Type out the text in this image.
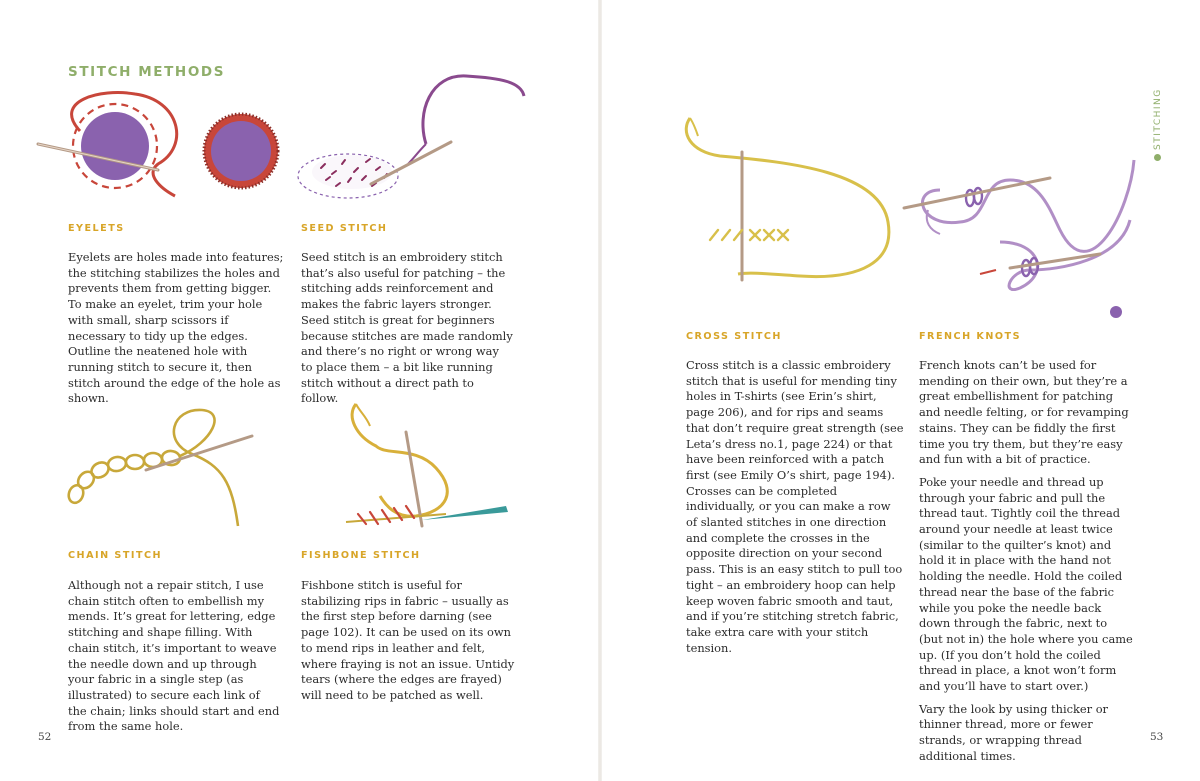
STITCH METHODS
EYELETS

Eyelets are holes made into features; the stitching stabilizes the holes and prevents them from getting bigger. To make an eyelet, trim your hole with small, sharp scissors if necessary to tidy up the edges. Outline the neatened hole with running stitch to secure it, then stitch around the edge of the hole as shown.

SEED STITCH

Seed stitch is an embroidery stitch that’s also useful for patching – the stitching adds reinforcement and makes the fabric layers stronger. Seed stitch is great for beginners because stitches are made randomly and there’s no right or wrong way to place them – a bit like running stitch without a direct path to follow.

CHAIN STITCH

Although not a repair stitch, I use chain stitch often to embellish my mends. It’s great for lettering, edge stitching and shape filling. With chain stitch, it’s important to weave the needle down and up through your fabric in a single step (as illustrated) to secure each link of the chain; links should start and end from the same hole.

FISHBONE STITCH

Fishbone stitch is useful for stabilizing rips in fabric – usually as the first step before darning (see page 102). It can be used on its own to mend rips in leather and felt, where fraying is not an issue. Untidy tears (where the edges are frayed) will need to be patched as well.

52
CROSS STITCH

Cross stitch is a classic embroidery stitch that is useful for mending tiny holes in T-shirts (see Erin’s shirt, page 206), and for rips and seams that don’t require great strength (see Leta’s dress no.1, page 224) or that have been reinforced with a patch first (see Emily O’s shirt, page 194). Crosses can be completed individually, or you can make a row of slanted stitches in one direction and complete the crosses in the opposite direction on your second pass. This is an easy stitch to pull too tight – an embroidery hoop can help keep woven fabric smooth and taut, and if you’re stitching stretch fabric, take extra care with your stitch tension.

FRENCH KNOTS

French knots can’t be used for mending on their own, but they’re a great embellishment for patching and needle felting, or for revamping stains. They can be fiddly the first time you try them, but they’re easy and fun with a bit of practice.

Poke your needle and thread up through your fabric and pull the thread taut. Tightly coil the thread around your needle at least twice (similar to the quilter’s knot) and hold it in place with the hand not holding the needle. Hold the coiled thread near the base of the fabric while you poke the needle back down through the fabric, next to (but not in) the hole where you came up. (If you don’t hold the coiled thread in place, a knot won’t form and you’ll have to start over.)

Vary the look by using thicker or thinner thread, more or fewer strands, or wrapping thread additional times.

STITCHING
53
